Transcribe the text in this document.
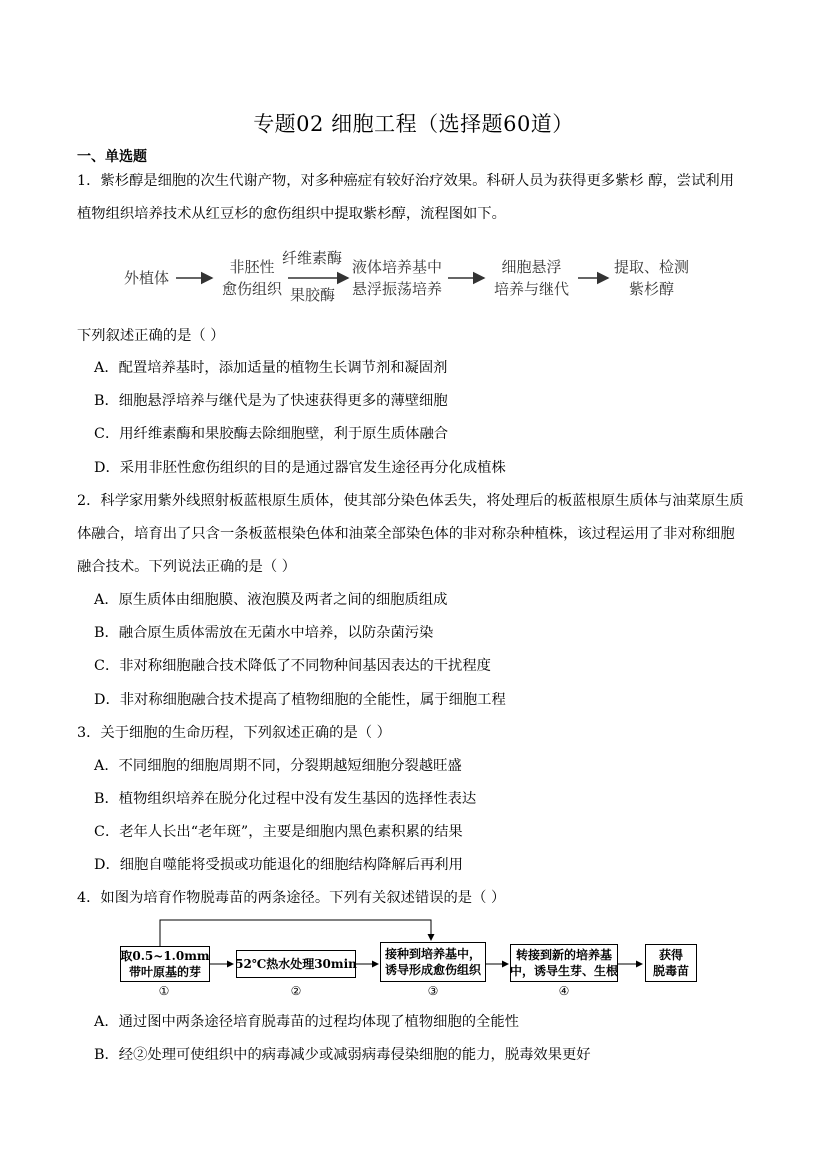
专题02 细胞工程（选择题60道）
一、单选题
1．紫杉醇是细胞的次生代谢产物，对多种癌症有较好治疗效果。科研人员为获得更多紫杉 醇，尝试利用
植物组织培养技术从红豆杉的愈伤组织中提取紫杉醇，流程图如下。
外植体
非胚性
愈伤组织
纤维素酶
果胶酶
液体培养基中
悬浮振荡培养
细胞悬浮
培养与继代
提取、检测
紫杉醇
下列叙述正确的是（ ）
A．配置培养基时，添加适量的植物生长调节剂和凝固剂
B．细胞悬浮培养与继代是为了快速获得更多的薄壁细胞
C．用纤维素酶和果胶酶去除细胞壁，利于原生质体融合
D．采用非胚性愈伤组织的目的是通过器官发生途径再分化成植株
2．科学家用紫外线照射板蓝根原生质体，使其部分染色体丢失，将处理后的板蓝根原生质体与油菜原生质
体融合，培育出了只含一条板蓝根染色体和油菜全部染色体的非对称杂种植株，该过程运用了非对称细胞
融合技术。下列说法正确的是（ ）
A．原生质体由细胞膜、液泡膜及两者之间的细胞质组成
B．融合原生质体需放在无菌水中培养，以防杂菌污染
C．非对称细胞融合技术降低了不同物种间基因表达的干扰程度
D．非对称细胞融合技术提高了植物细胞的全能性，属于细胞工程
3．关于细胞的生命历程，下列叙述正确的是（ ）
A．不同细胞的细胞周期不同，分裂期越短细胞分裂越旺盛
B．植物组织培养在脱分化过程中没有发生基因的选择性表达
C．老年人长出“老年斑”，主要是细胞内黑色素积累的结果
D．细胞自噬能将受损或功能退化的细胞结构降解后再利用
4．如图为培育作物脱毒苗的两条途径。下列有关叙述错误的是（ ）
取0.5~1.0mm
带叶原基的芽
52℃热水处理30min
接种到培养基中，
诱导形成愈伤组织
转接到新的培养基
中，诱导生芽、生根
获得
脱毒苗
①	②	③	④
A．通过图中两条途径培育脱毒苗的过程均体现了植物细胞的全能性
B．经②处理可使组织中的病毒减少或减弱病毒侵染细胞的能力，脱毒效果更好
